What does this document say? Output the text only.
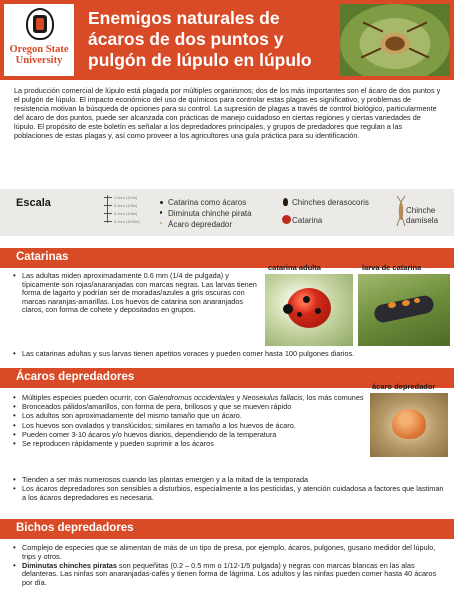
Oregon State
University
Enemigos naturales de ácaros de dos puntos y pulgón de lúpulo en lúpulo
La producción comercial de lúpulo está plagada por múltiples organismos; dos de los más importantes son el ácaro de dos puntos y el pulgón de lúpulo. El impacto económico del uso de químicos para controlar estas plagas es significativo, y problemas de resistencia motivan la búsqueda de opciones para su control. La supresión de plagas a través de control biológico, particularmente del ácaro de dos puntos, puede ser alcanzada con prácticas de manejo cuidadoso en ciertas regiones y ciertas variedades de lúpulo. El propósito de este boletín es señalar a los depredadores principales, y grupos de predadores que regulan a las poblaciones de estas plagas y, así como proveer a los agricultores una guía práctica para su identificación.
Escala	1.0cm (1/2in)
0.5cm (1/5in)
0.1cm (1/4in)
0.1cm (1/20in)
Catarina como ácaros
Diminuta chinche pirata
Ácaro depredador
Chinches derasocoris
Catarina
Chinche damisela
Catarinas
• Las adultas miden aproximadamente 0.6 mm (1/4 de pulgada) y típicamente son rojas/anaranjadas con marcas negras. Las larvas tienen forma de lagarto y podrían ser de moradas/azules a gris oscuras con marcas naranjas-amarillas. Los huevos de catarina son anaranjados claros, con forma de cohete y depositados en grupos.
• Las catarinas adultas y sus larvas tienen apetitos voraces y pueden comer hasta 100 pulgones diarios.
catarina adulta	larva de catarina
Ácaros depredadores
ácaro depredador
• Múltiples especies pueden ocurrir, con Galendromus occidentales y Neoseiulus fallacis, los más comunes
• Bronceados pálidos/amarillos, con forma de pera, brillosos y que se mueven rápido
• Los adultos son aproximadamente del mismo tamaño que un ácaro.
• Los huevos son ovalados y translúcidos; similares en tamaño a los huevos de ácaro.
• Pueden comer 3-10 ácaros y/o huevos diarios, dependiendo de la temperatura
• Se reproducen rápidamente y pueden suprimir a los ácaros
• Tienden a ser más numerosos cuando las plantas emergen y a la mitad de la temporada
• Los ácaros depredadores son sensibles a disturbios, especialmente a los pesticidas, y atención cuidadosa a factores que lastiman a los ácaros depredadores es necesaria.
Bichos depredadores
• Complejo de especies que se alimentan de más de un tipo de presa, por ejemplo, ácaros, pulgones, gusano medidor del lúpulo, trips y otros.
• Diminutas chinches piratas son pequeñitas (0.2 – 0.5 mm o 1/12-1/5 pulgada) y negras con marcas blancas en las alas delanteras. Las ninfas son anaranjadas-cafés y tienen forma de lágrima. Los adultos y las ninfas pueden comer hasta 40 ácaros por día.
